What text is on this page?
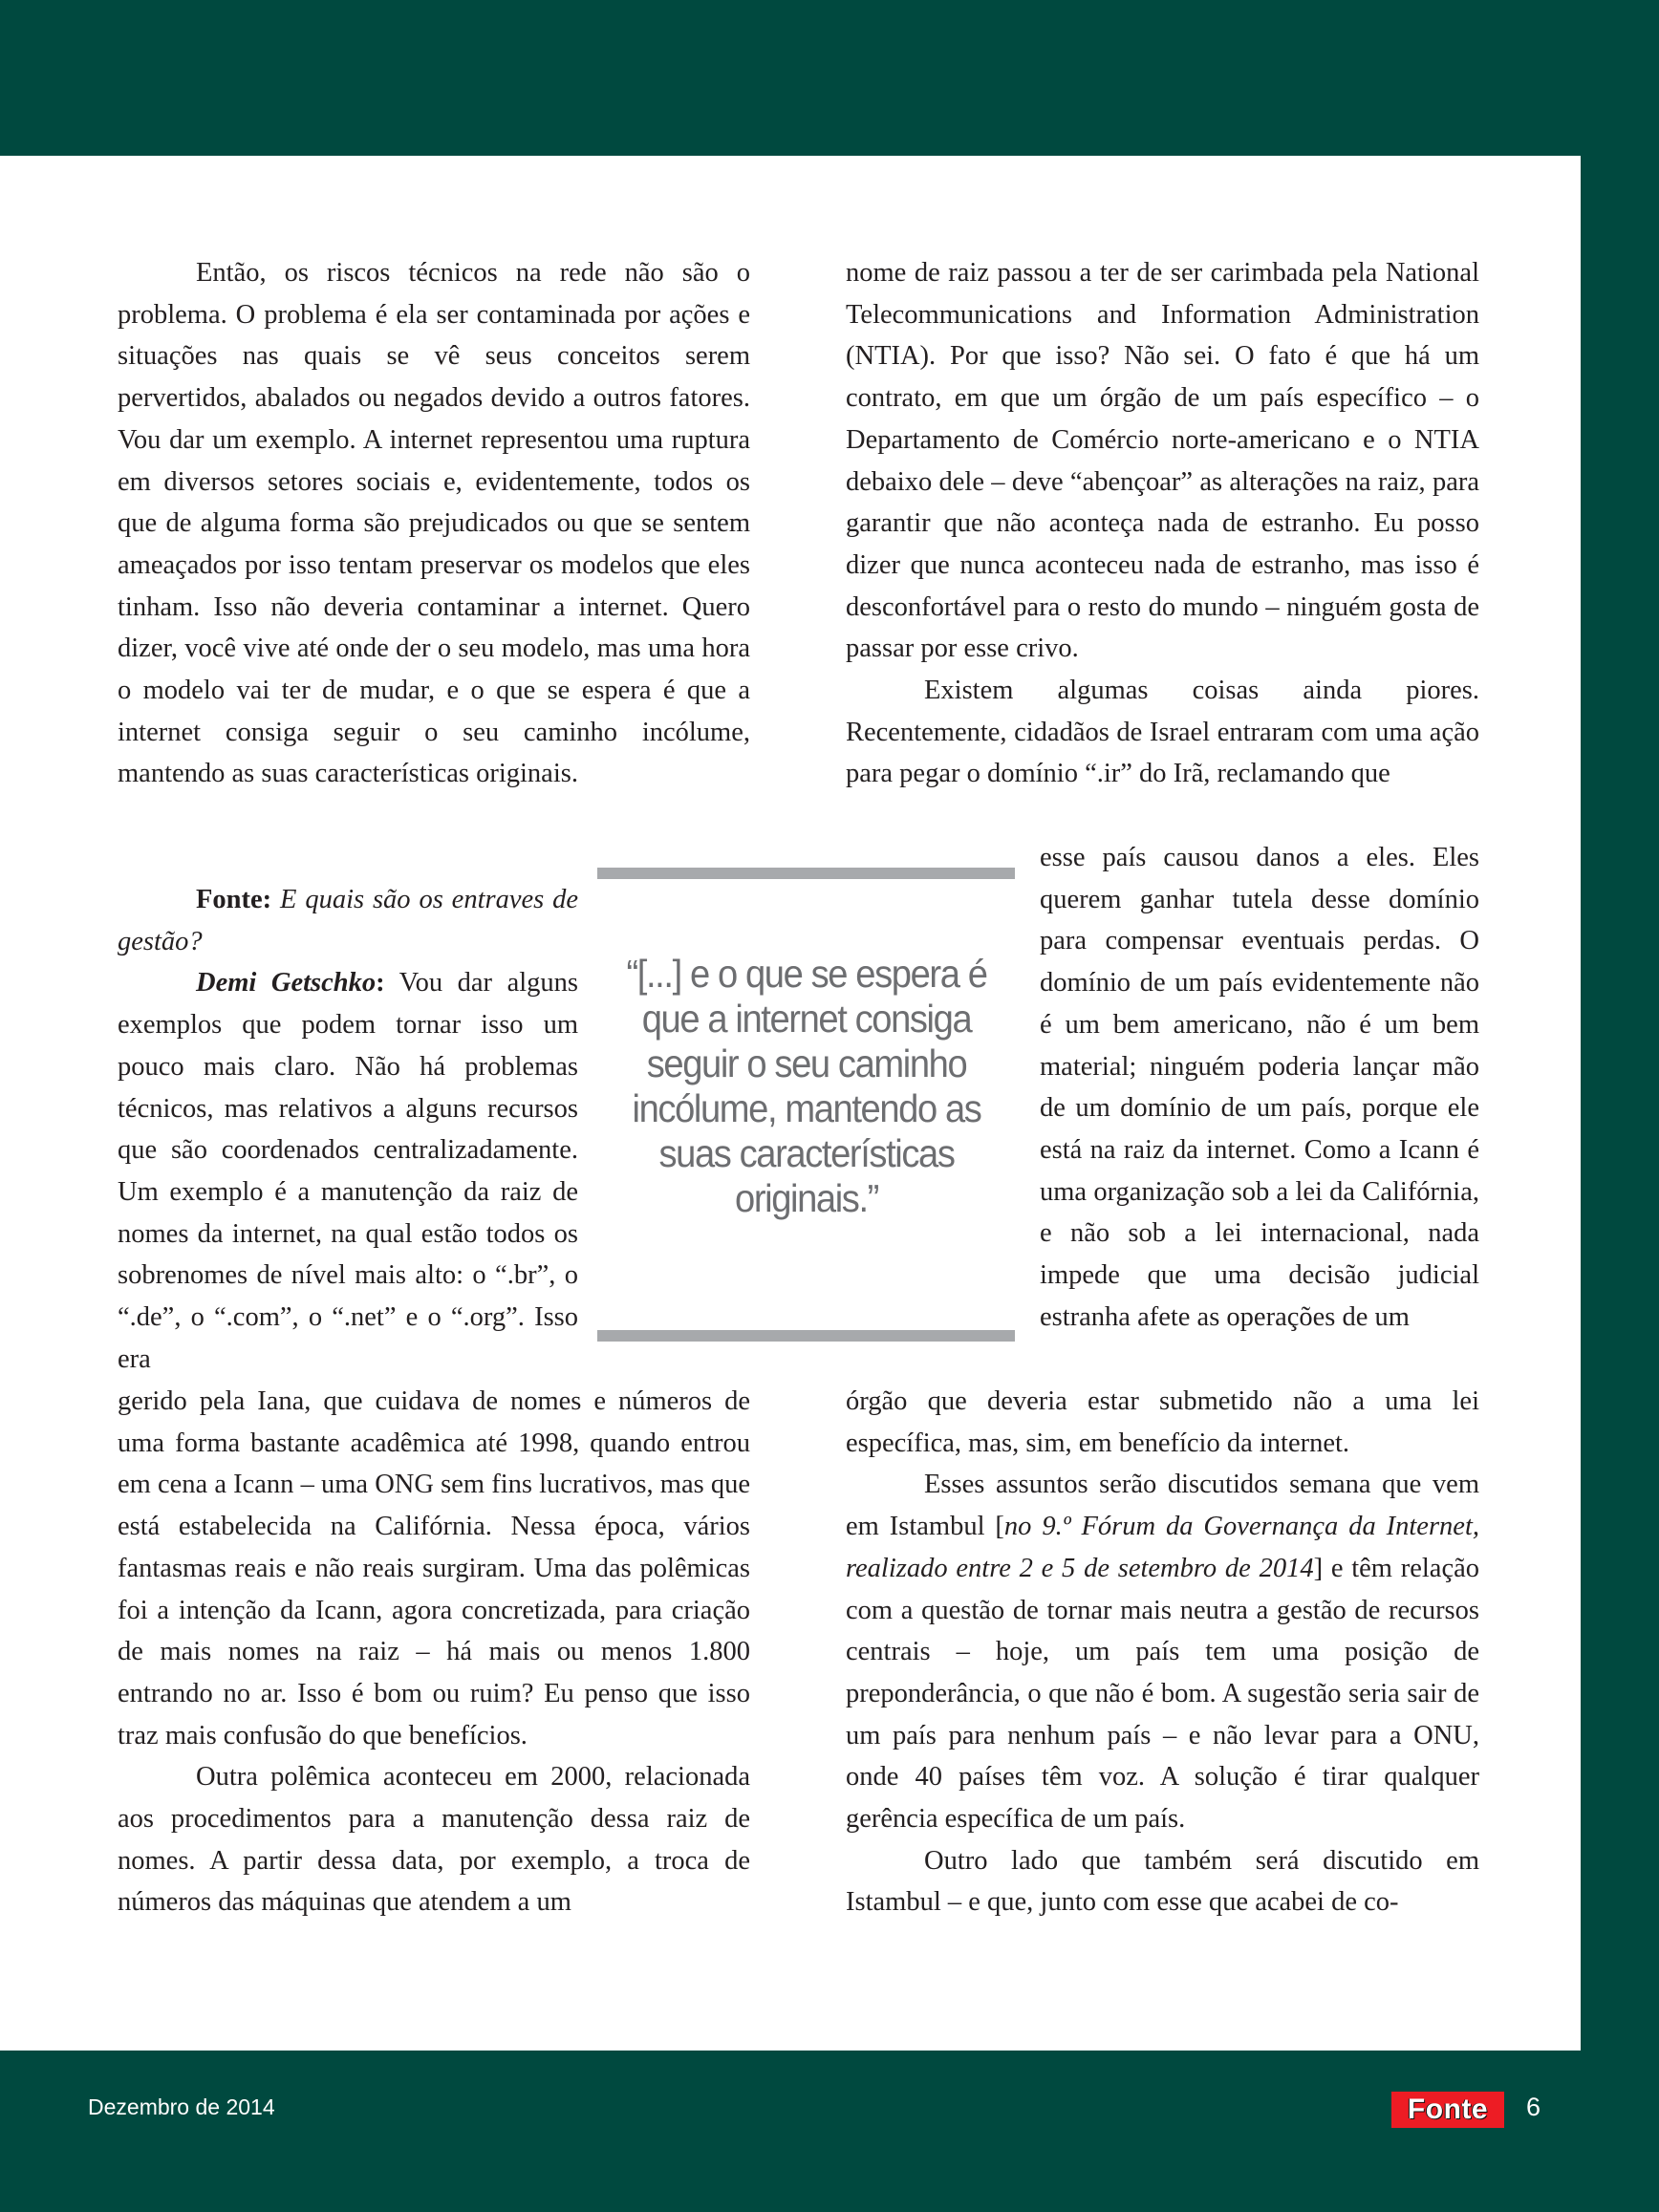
Então, os riscos técnicos na rede não são o problema. O problema é ela ser contaminada por ações e situações nas quais se vê seus conceitos serem pervertidos, abalados ou negados devido a outros fatores. Vou dar um exemplo. A internet representou uma ruptura em diversos setores sociais e, evidentemente, todos os que de alguma forma são prejudicados ou que se sentem ameaçados por isso tentam preservar os modelos que eles tinham. Isso não deveria contaminar a internet. Quero dizer, você vive até onde der o seu modelo, mas uma hora o modelo vai ter de mudar, e o que se espera é que a internet consiga seguir o seu caminho incólume, mantendo as suas características originais.

Fonte: E quais são os entraves de gestão?

Demi Getschko: Vou dar alguns exemplos que podem tornar isso um pouco mais claro. Não há problemas técnicos, mas relativos a alguns recursos que são coordenados centralizadamente. Um exemplo é a manutenção da raiz de nomes da internet, na qual estão todos os sobrenomes de nível mais alto: o “.br”, o “.de”, o “.com”, o “.net” e o “.org”. Isso era

gerido pela Iana, que cuidava de nomes e números de uma forma bastante acadêmica até 1998, quando entrou em cena a Icann – uma ONG sem fins lucrativos, mas que está estabelecida na Califórnia. Nessa época, vários fantasmas reais e não reais surgiram. Uma das polêmicas foi a intenção da Icann, agora concretizada, para criação de mais nomes na raiz – há mais ou menos 1.800 entrando no ar. Isso é bom ou ruim? Eu penso que isso traz mais confusão do que benefícios.

Outra polêmica aconteceu em 2000, relacionada aos procedimentos para a manutenção dessa raiz de nomes. A partir dessa data, por exemplo, a troca de números das máquinas que atendem a um

nome de raiz passou a ter de ser carimbada pela National Telecommunications and Information Administration (NTIA). Por que isso? Não sei. O fato é que há um contrato, em que um órgão de um país específico – o Departamento de Comércio norte-americano e o NTIA debaixo dele – deve “abençoar” as alterações na raiz, para garantir que não aconteça nada de estranho. Eu posso dizer que nunca aconteceu nada de estranho, mas isso é desconfortável para o resto do mundo – ninguém gosta de passar por esse crivo.

Existem algumas coisas ainda piores. Recentemente, cidadãos de Israel entraram com uma ação para pegar o domínio “.ir” do Irã, reclamando que

esse país causou danos a eles. Eles querem ganhar tutela desse domínio para compensar eventuais perdas. O domínio de um país evidentemente não é um bem americano, não é um bem material; ninguém poderia lançar mão de um domínio de um país, porque ele está na raiz da internet. Como a Icann é uma organização sob a lei da Califórnia, e não sob a lei internacional, nada impede que uma decisão judicial estranha afete as operações de um

órgão que deveria estar submetido não a uma lei específica, mas, sim, em benefício da internet.

Esses assuntos serão discutidos semana que vem em Istambul [no 9.º Fórum da Governança da Internet, realizado entre 2 e 5 de setembro de 2014] e têm relação com a questão de tornar mais neutra a gestão de recursos centrais – hoje, um país tem uma posição de preponderância, o que não é bom. A sugestão seria sair de um país para nenhum país – e não levar para a ONU, onde 40 países têm voz. A solução é tirar qualquer gerência específica de um país.

Outro lado que também será discutido em Istambul – e que, junto com esse que acabei de co-

“[...] e o que se espera é que a internet consiga seguir o seu caminho incólume, mantendo as suas características originais.”
Dezembro de 2014	Fonte	6
